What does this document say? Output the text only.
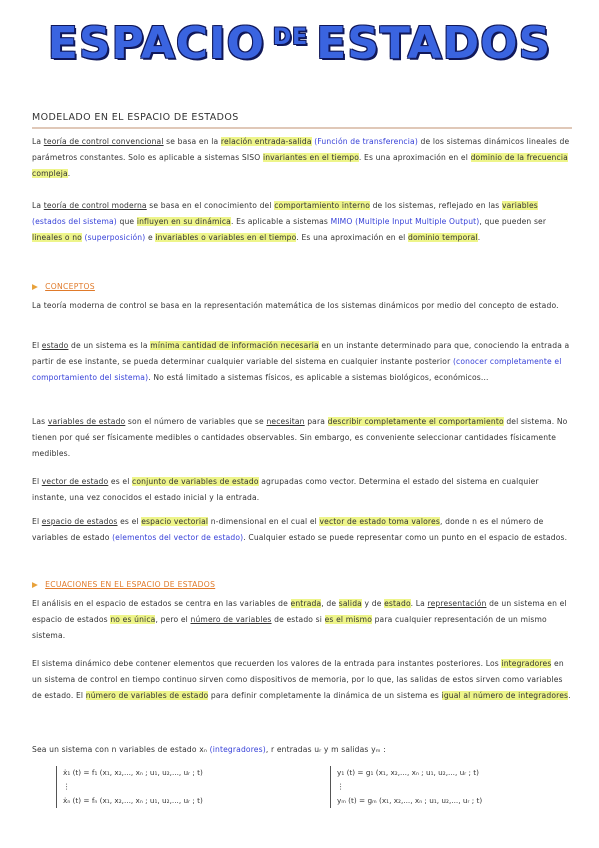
ESPACIO DE ESTADOS
MODELADO EN EL ESPACIO DE ESTADOS
La teoría de control convencional se basa en la relación entrada-salida (Función de transferencia) de los sistemas dinámicos lineales de parámetros constantes. Solo es aplicable a sistemas SISO invariantes en el tiempo. Es una aproximación en el dominio de la frecuencia compleja.
La teoría de control moderna se basa en el conocimiento del comportamiento interno de los sistemas, reflejado en las variables (estados del sistema) que influyen en su dinámica. Es aplicable a sistemas MIMO (Multiple Input Multiple Output), que pueden ser lineales o no (superposición) e invariables o variables en el tiempo. Es una aproximación en el dominio temporal.
▶ CONCEPTOS
La teoría moderna de control se basa en la representación matemática de los sistemas dinámicos por medio del concepto de estado.
El estado de un sistema es la mínima cantidad de información necesaria en un instante determinado para que, conociendo la entrada a partir de ese instante, se pueda determinar cualquier variable del sistema en cualquier instante posterior (conocer completamente el comportamiento del sistema). No está limitado a sistemas físicos, es aplicable a sistemas biológicos, económicos...
Las variables de estado son el número de variables que se necesitan para describir completamente el comportamiento del sistema. No tienen por qué ser físicamente medibles o cantidades observables. Sin embargo, es conveniente seleccionar cantidades físicamente medibles.
El vector de estado es el conjunto de variables de estado agrupadas como vector. Determina el estado del sistema en cualquier instante, una vez conocidos el estado inicial y la entrada.
El espacio de estados es el espacio vectorial n-dimensional en el cual el vector de estado toma valores, donde n es el número de variables de estado (elementos del vector de estado). Cualquier estado se puede representar como un punto en el espacio de estados.
▶ ECUACIONES EN EL ESPACIO DE ESTADOS
El análisis en el espacio de estados se centra en las variables de entrada, de salida y de estado. La representación de un sistema en el espacio de estados no es única, pero el número de variables de estado si es el mismo para cualquier representación de un mismo sistema.
El sistema dinámico debe contener elementos que recuerden los valores de la entrada para instantes posteriores. Los integradores en un sistema de control en tiempo continuo sirven como dispositivos de memoria, por lo que, las salidas de estos sirven como variables de estado. El número de variables de estado para definir completamente la dinámica de un sistema es igual al número de integradores.
Sea un sistema con n variables de estado xₙ (integradores), r entradas uᵣ y m salidas yₘ :
ẋ₁ (t) = f₁ (x₁, x₂,..., xₙ ; u₁, u₂,..., uᵣ ; t)
⋮
ẋₙ (t) = fₙ (x₁, x₂,..., xₙ ; u₁, u₂,..., uᵣ ; t)
y₁ (t) = g₁ (x₁, x₂,..., xₙ ; u₁, u₂,..., uᵣ ; t)
⋮
yₘ (t) = gₘ (x₁, x₂,..., xₙ ; u₁, u₂,..., uᵣ ; t)
